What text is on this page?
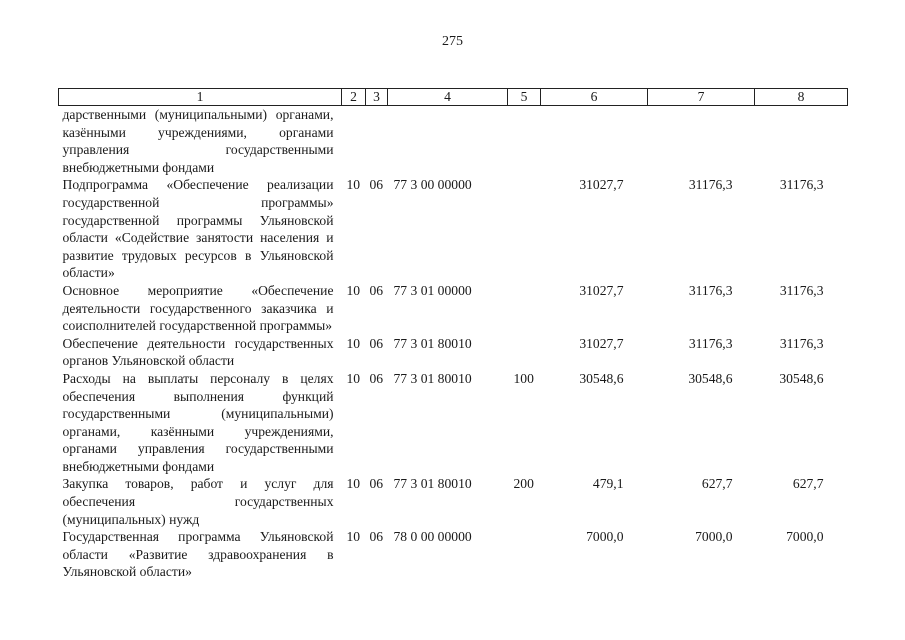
275
1	2	3	4	5	6	7	8
дарственными (муниципальными) органами, казёнными учреждениями, органами управления государственными внебюджетными фондами							
Подпрограмма «Обеспечение реализации государственной программы» государственной программы Ульяновской области «Содействие занятости населения и развитие трудовых ресурсов в Ульяновской области»	10	06	77 3 00 00000		31027,7	31176,3	31176,3
Основное мероприятие «Обеспечение деятельности государственного заказчика и соисполнителей государственной программы»	10	06	77 3 01 00000		31027,7	31176,3	31176,3
Обеспечение деятельности государственных органов Ульяновской области	10	06	77 3 01 80010		31027,7	31176,3	31176,3
Расходы на выплаты персоналу в целях обеспечения выполнения функций государственными (муниципальными) органами, казёнными учреждениями, органами управления государственными внебюджетными фондами	10	06	77 3 01 80010	100	30548,6	30548,6	30548,6
Закупка товаров, работ и услуг для обеспечения государственных (муниципальных) нужд	10	06	77 3 01 80010	200	479,1	627,7	627,7
Государственная программа Ульяновской области «Развитие здравоохранения в Ульяновской области»	10	06	78 0 00 00000		7000,0	7000,0	7000,0
